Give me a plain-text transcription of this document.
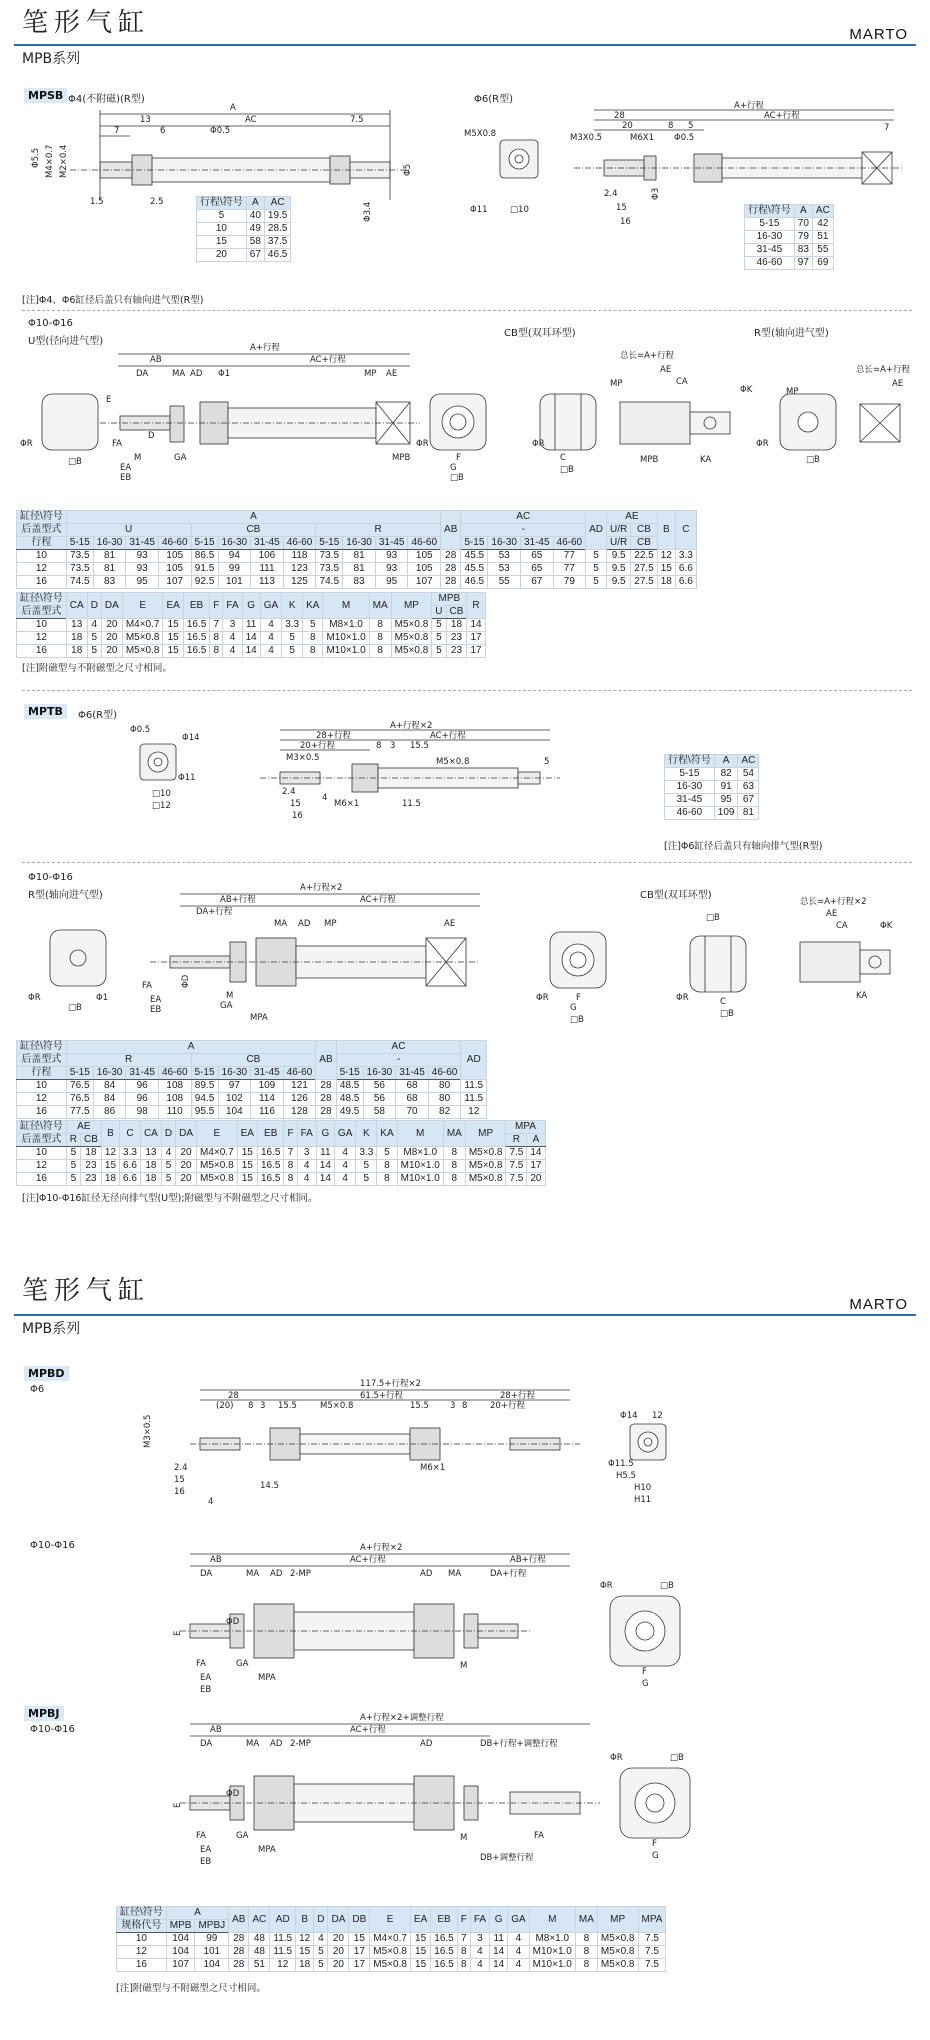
笔形气缸	MARTO
MPB系列
MPSB Φ4(不附磁)(R型)
A
13	AC	7.5
7	6	Φ0.5
Φ5.5 M4×0.7 M2×0.4	Φ5
1.5	2.5	Φ3.4
行程\符号	A	AC
5	40	19.5
10	49	28.5
15	58	37.5
20	67	46.5
Φ6(R型)
M5X0.8
Φ11	□10
A+行程
28	AC+行程
20	8 5
M3X0.5	M6X1 Φ0.5
7
Φ3
2.4
15
16
行程\符号	A	AC
5-15	70	42
16-30	79	51
31-45	83	55
46-60	97	69
[注]Φ4、Φ6缸径后盖只有轴向进气型(R型)
Φ10-Φ16
U型(径向进气型)
CB型(双耳环型)	R型(轴向进气型)
A+行程
AB	AC+行程
DA	MA AD Φ1	MP AE
E
ΦR
□B
FA
D
M
EA
EB
GA	MPB
ΦR
F
G
□B
ΦR
C
□B
总长=A+行程
AE
CA
MP
ΦK
KA
MPB
ΦR
□B
总长=A+行程
AE
MP
缸径\符号	A												AB	AC				AD	AE		B	C
后盖型式	U				CB				R					-					U/R	CB		
行程	5-15	16-30	31-45	46-60	5-15	16-30	31-45	46-60	5-15	16-30	31-45	46-60		5-15	16-30	31-45	46-60		U/R	CB		
10	73.5	81	93	105	86.5	94	106	118	73.5	81	93	105	28	45.5	53	65	77	5	9.5	22.5	12	3.3
12	73.5	81	93	105	91.5	99	111	123	73.5	81	93	105	28	45.5	53	65	77	5	9.5	27.5	15	6.6
16	74.5	83	95	107	92.5	101	113	125	74.5	83	95	107	28	46.5	55	67	79	5	9.5	27.5	18	6.6
缸径\符号	CA	D	DA	E	EA	EB	F	FA	G	GA	K	KA	M	MA	MP	MPB		R
后盖型式																U	CB	
10	13	4	20	M4×0.7	15	16.5	7	3	11	4	3.3	5	M8×1.0	8	M5×0.8	5	18	14
12	18	5	20	M5×0.8	15	16.5	8	4	14	4	5	8	M10×1.0	8	M5×0.8	5	23	17
16	18	5	20	M5×0.8	15	16.5	8	4	14	4	5	8	M10×1.0	8	M5×0.8	5	23	17
[注]附磁型与不附磁型之尺寸相同。
MPTB	Φ6(R型)
Φ0.5
Φ14
Φ11
□10
□12
A+行程×2
28+行程	AC+行程
20+行程	8 3 15.5
M3×0.5	M5×0.8	5
2.4
4
15
16
M6×1	11.5
行程\符号	A	AC
5-15	82	54
16-30	91	63
31-45	95	67
46-60	109	81
[注]Φ6缸径后盖只有轴向排气型(R型)
Φ10-Φ16
R型(轴向进气型)	CB型(双耳环型)
A+行程×2
AB+行程	AC+行程
DA+行程
MA AD MP	AE
ΦR	Φ1
□B
FA
EA
EB
ΦD
M
GA
MPA
ΦR	F
G
□B
□B
ΦR	C
□B
总长=A+行程×2
AE
CA	ΦK
KA
缸径\符号	A								AB	AC				AD
后盖型式	R				CB					-				
行程	5-15	16-30	31-45	46-60	5-15	16-30	31-45	46-60		5-15	16-30	31-45	46-60	
10	76.5	84	96	108	89.5	97	109	121	28	48.5	56	68	80	11.5
12	76.5	84	96	108	94.5	102	114	126	28	48.5	56	68	80	11.5
16	77.5	86	98	110	95.5	104	116	128	28	49.5	58	70	82	12
缸径\符号	AE		B	C	CA	D	DA	E	EA	EB	F	FA	G	GA	K	KA	M	MA	MP	MPA	
后盖型式	R	CB																		R	A
10	5	18	12	3.3	13	4	20	M4×0.7	15	16.5	7	3	11	4	3.3	5	M8×1.0	8	M5×0.8	7.5	14
12	5	23	15	6.6	18	5	20	M5×0.8	15	16.5	8	4	14	4	5	8	M10×1.0	8	M5×0.8	7.5	17
16	5	23	18	6.6	18	5	20	M5×0.8	15	16.5	8	4	14	4	5	8	M10×1.0	8	M5×0.8	7.5	20
[注]Φ10-Φ16缸径无径向排气型(U型);附磁型与不附磁型之尺寸相同。
笔形气缸	MARTO
MPB系列
MPBD
Φ6	117.5+行程×2
28	61.5+行程	28+行程
(20) 8 3 15.5	M5×0.8	15.5 3 8	20+行程
M3×0.5
2.4
15
16
14.5
4
M6×1
Φ14 12
Φ11.5
H5.5
H10
H11
Φ10-Φ16	A+行程×2
AB	AC+行程	AB+行程
DA	MA AD 2-MP	AD MA	DA+行程
E
FA
EA
EB
ΦD
GA
MPA
M
ΦR	□B
F
G
MPBJ
Φ10-Φ16
A+行程×2+调整行程
AB	AC+行程
DA	MA AD 2-MP	AD	DB+行程+调整行程
E
FA
EA
EB
ΦD
GA
MPA
M	FA
DB+调整行程
ΦR	□B
F
G
缸径\符号	A		AB	AC	AD	B	D	DA	DB	E	EA	EB	F	FA	G	GA	M	MA	MP	MPA
规格代号	MPB	MPBJ																		
10	104	99	28	48	11.5	12	4	20	15	M4×0.7	15	16.5	7	3	11	4	M8×1.0	8	M5×0.8	7.5
12	104	101	28	48	11.5	15	5	20	17	M5×0.8	15	16.5	8	4	14	4	M10×1.0	8	M5×0.8	7.5
16	107	104	28	51	12	18	5	20	17	M5×0.8	15	16.5	8	4	14	4	M10×1.0	8	M5×0.8	7.5
[注]附磁型与不附磁型之尺寸相同。
